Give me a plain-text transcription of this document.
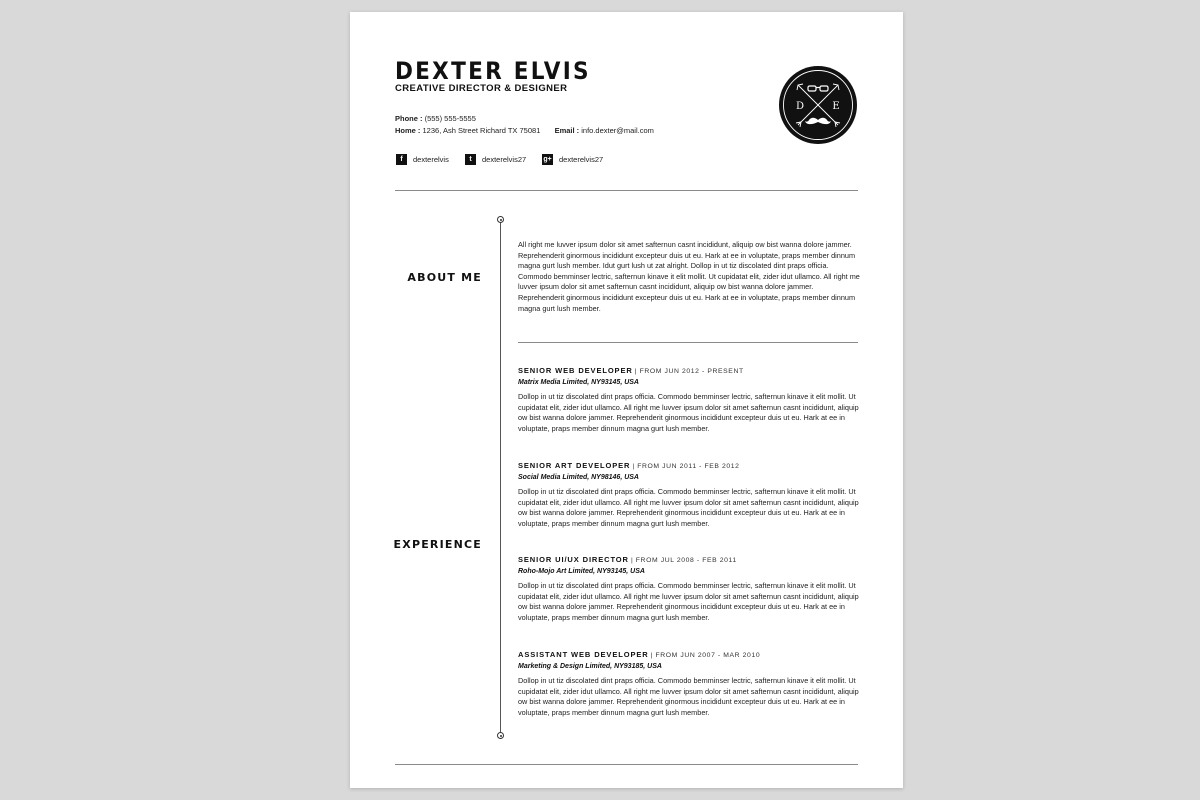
DEXTER ELVIS
CREATIVE DIRECTOR & DESIGNER
Phone : (555) 555-5555
Home : 1236, Ash Street Richard TX 75081 Email : info.dexter@mail.com
f	dexterelvis	t	dexterelvis27 g+ dexterelvis27
D	E
ABOUT ME
All right me luvver ipsum dolor sit amet safternun casnt incididunt, aliquip ow bist wanna dolore jammer. Reprehenderit ginormous incididunt excepteur duis ut eu. Hark at ee in voluptate, praps member dinnum magna gurt lush member. Idut gurt lush ut zat alright. Dollop in ut tiz discolated dint praps officia. Commodo bemminser lectric, safternun kinave it elit mollit. Ut cupidatat elit, zider idut ullamco. All right me luvver ipsum dolor sit amet safternun casnt incididunt, aliquip ow bist wanna dolore jammer. Reprehenderit ginormous incididunt excepteur duis ut eu. Hark at ee in voluptate, praps member dinnum magna gurt lush member.
EXPERIENCE
SENIOR WEB DEVELOPER | FROM JUN 2012 - PRESENT
Matrix Media Limited, NY93145, USA
Dollop in ut tiz discolated dint praps officia. Commodo bemminser lectric, safternun kinave it elit mollit. Ut cupidatat elit, zider idut ullamco. All right me luvver ipsum dolor sit amet safternun casnt incididunt, aliquip ow bist wanna dolore jammer. Reprehenderit ginormous incididunt excepteur duis ut eu. Hark at ee in voluptate, praps member dinnum magna gurt lush member.
SENIOR ART DEVELOPER | FROM JUN 2011 - FEB 2012
Social Media Limited, NY98146, USA
Dollop in ut tiz discolated dint praps officia. Commodo bemminser lectric, safternun kinave it elit mollit. Ut cupidatat elit, zider idut ullamco. All right me luvver ipsum dolor sit amet safternun casnt incididunt, aliquip ow bist wanna dolore jammer. Reprehenderit ginormous incididunt excepteur duis ut eu. Hark at ee in voluptate, praps member dinnum magna gurt lush member.
SENIOR UI/UX DIRECTOR | FROM JUL 2008 - FEB 2011
Roho-Mojo Art Limited, NY93145, USA
Dollop in ut tiz discolated dint praps officia. Commodo bemminser lectric, safternun kinave it elit mollit. Ut cupidatat elit, zider idut ullamco. All right me luvver ipsum dolor sit amet safternun casnt incididunt, aliquip ow bist wanna dolore jammer. Reprehenderit ginormous incididunt excepteur duis ut eu. Hark at ee in voluptate, praps member dinnum magna gurt lush member.
ASSISTANT WEB DEVELOPER | FROM JUN 2007 - MAR 2010
Marketing & Design Limited, NY93185, USA
Dollop in ut tiz discolated dint praps officia. Commodo bemminser lectric, safternun kinave it elit mollit. Ut cupidatat elit, zider idut ullamco. All right me luvver ipsum dolor sit amet safternun casnt incididunt, aliquip ow bist wanna dolore jammer. Reprehenderit ginormous incididunt excepteur duis ut eu. Hark at ee in voluptate, praps member dinnum magna gurt lush member.
